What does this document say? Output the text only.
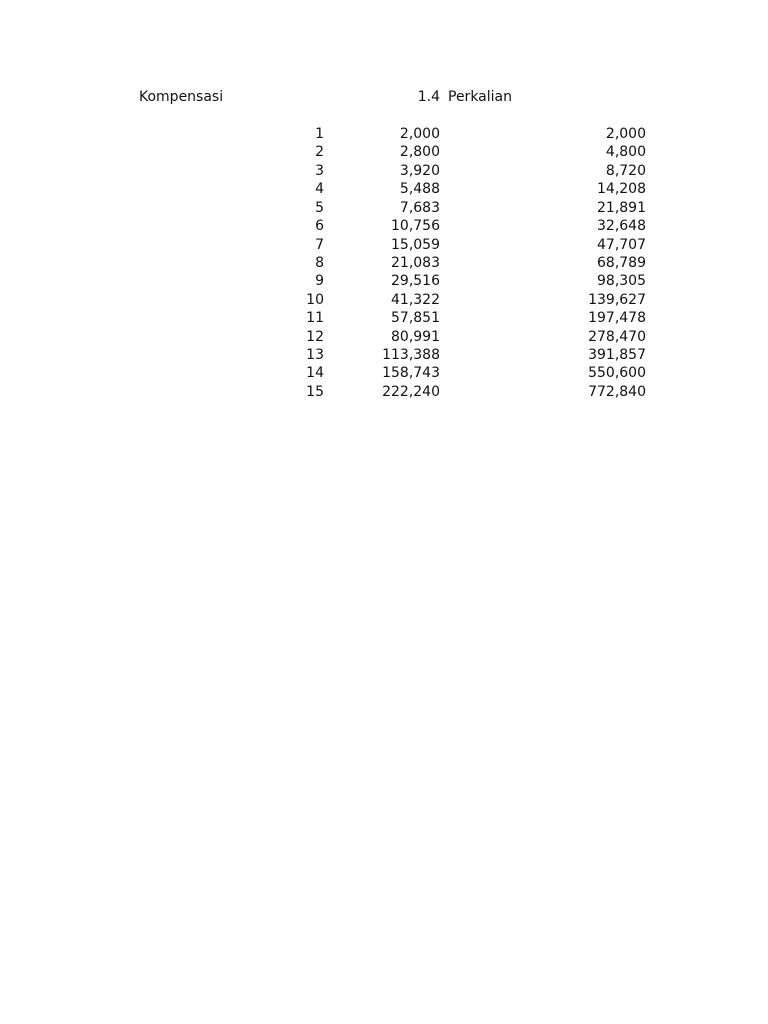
Kompensasi	1.4 Perkalian
1	2,000	2,000
2	2,800	4,800
3	3,920	8,720
4	5,488	14,208
5	7,683	21,891
6	10,756	32,648
7	15,059	47,707
8	21,083	68,789
9	29,516	98,305
10	41,322	139,627
11	57,851	197,478
12	80,991	278,470
13	113,388	391,857
14	158,743	550,600
15	222,240	772,840
